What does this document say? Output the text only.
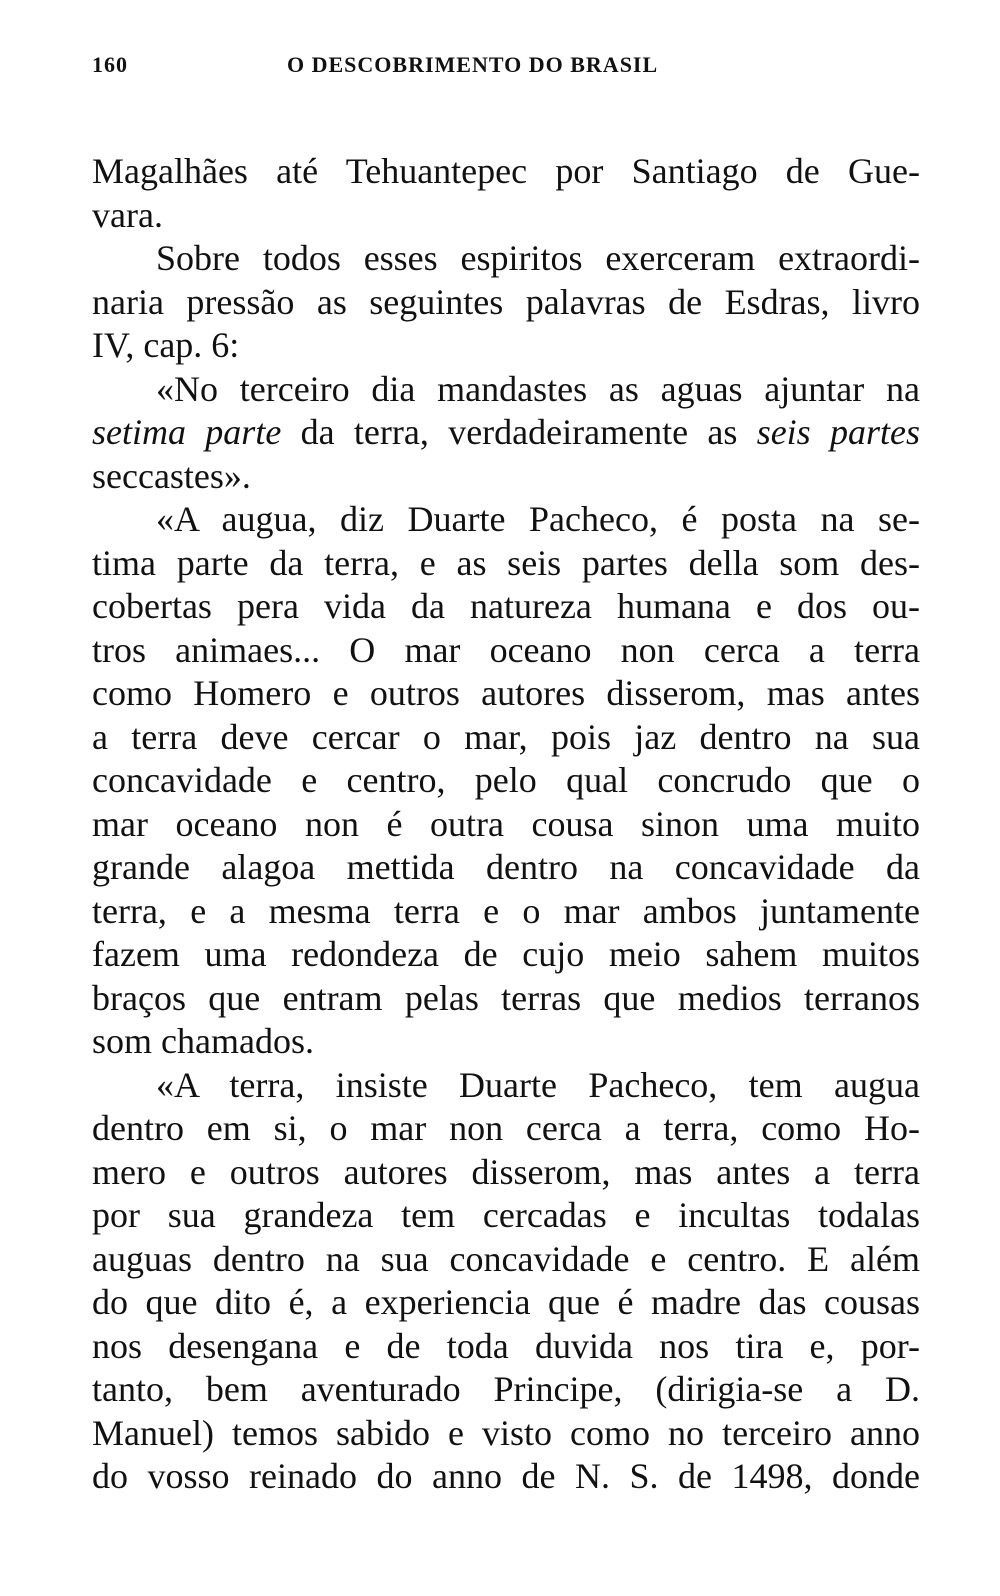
160	O DESCOBRIMENTO DO BRASIL
Magalhães até Tehuantepec por Santiago de Gue-
vara.
Sobre todos esses espiritos exerceram extraordi-
naria pressão as seguintes palavras de Esdras, livro
IV, cap. 6:
«No terceiro dia mandastes as aguas ajuntar na
setima parte da terra, verdadeiramente as seis partes
seccastes».
«A augua, diz Duarte Pacheco, é posta na se-
tima parte da terra, e as seis partes della som des-
cobertas pera vida da natureza humana e dos ou-
tros animaes... O mar oceano non cerca a terra
como Homero e outros autores disserom, mas antes
a terra deve cercar o mar, pois jaz dentro na sua
concavidade e centro, pelo qual concrudo que o
mar oceano non é outra cousa sinon uma muito
grande alagoa mettida dentro na concavidade da
terra, e a mesma terra e o mar ambos juntamente
fazem uma redondeza de cujo meio sahem muitos
braços que entram pelas terras que medios terranos
som chamados.
«A terra, insiste Duarte Pacheco, tem augua
dentro em si, o mar non cerca a terra, como Ho-
mero e outros autores disserom, mas antes a terra
por sua grandeza tem cercadas e incultas todalas
auguas dentro na sua concavidade e centro. E além
do que dito é, a experiencia que é madre das cousas
nos desengana e de toda duvida nos tira e, por-
tanto, bem aventurado Principe, (dirigia-se a D.
Manuel) temos sabido e visto como no terceiro anno
do vosso reinado do anno de N. S. de 1498, donde
